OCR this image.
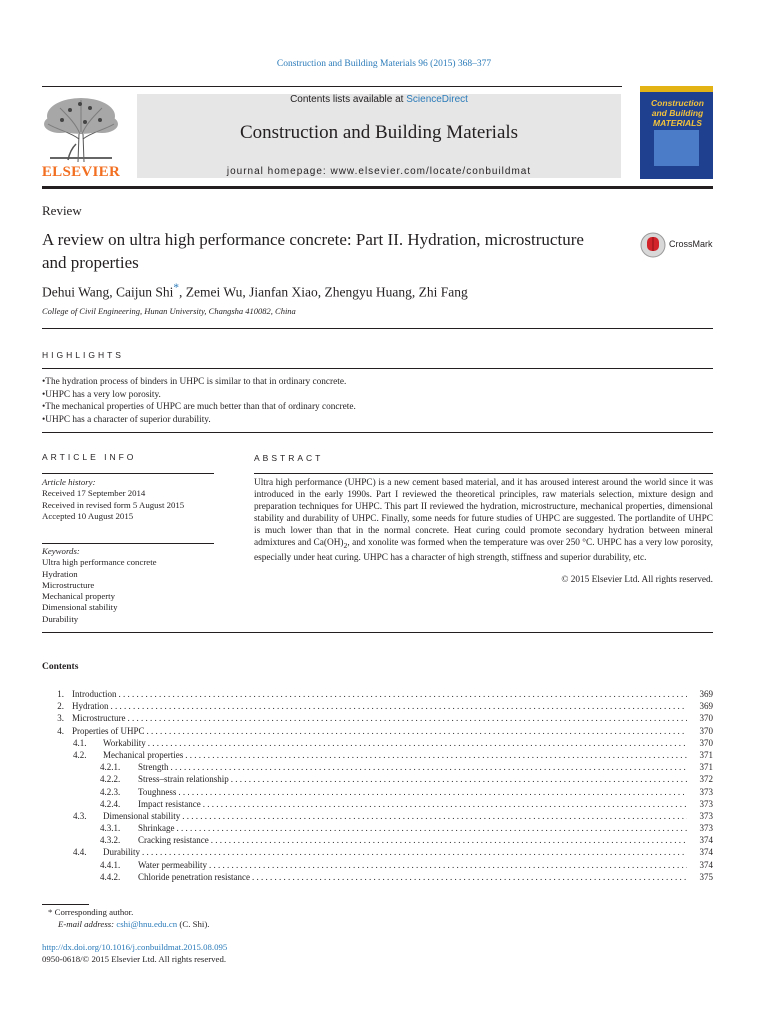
Construction and Building Materials 96 (2015) 368–377
ELSEVIER
Contents lists available at ScienceDirect
Construction and Building Materials
journal homepage: www.elsevier.com/locate/conbuildmat
Construction and Building MATERIALS
Review
A review on ultra high performance concrete: Part II. Hydration, microstructure and properties
CrossMark
Dehui Wang, Caijun Shi*, Zemei Wu, Jianfan Xiao, Zhengyu Huang, Zhi Fang
College of Civil Engineering, Hunan University, Changsha 410082, China
HIGHLIGHTS
• The hydration process of binders in UHPC is similar to that in ordinary concrete.
• UHPC has a very low porosity.
• The mechanical properties of UHPC are much better than that of ordinary concrete.
• UHPC has a character of superior durability.
ARTICLE INFO	ABSTRACT
Article history:
Received 17 September 2014
Received in revised form 5 August 2015
Accepted 10 August 2015
Keywords:
Ultra high performance concrete
Hydration
Microstructure
Mechanical property
Dimensional stability
Durability
Ultra high performance (UHPC) is a new cement based material, and it has aroused interest around the world since it was introduced in the early 1990s. Part I reviewed the theoretical principles, raw materials selection, mixture design and preparation techniques for UHPC. This part II reviewed the hydration, microstructure, mechanical properties, dimensional stability and durability of UHPC. Finally, some needs for future studies of UHPC are suggested. The portlandite of UHPC is much lower than that in the normal concrete. Heat curing could promote secondary hydration between mineral admixtures and $Ca(OH)_2$, and xonolite was formed when the temperature was over 250 °C. UHPC has a very low porosity, especially under heat curing. UHPC has a character of high strength, stiffness and superior durability, etc.
© 2015 Elsevier Ltd. All rights reserved.
Contents
1. Introduction . . .	369
2. Hydration . . .	369
3. Microstructure . . .	370
4. Properties of UHPC . . .	370
4.1.	Workability . . .	370
4.2.	Mechanical properties . . .	371
4.2.1.	Strength . . .	371
4.2.2.	Stress–strain relationship . . .	372
4.2.3.	Toughness . . .	373
4.2.4.	Impact resistance . . .	373
4.3.	Dimensional stability . . .	373
4.3.1.	Shrinkage . . .	373
4.3.2.	Cracking resistance . . .	374
4.4.	Durability . . .	374
4.4.1.	Water permeability . . .	374
4.4.2.	Chloride penetration resistance . . .	375
* Corresponding author.
E-mail address: cshi@hnu.edu.cn (C. Shi).
http://dx.doi.org/10.1016/j.conbuildmat.2015.08.095
0950-0618/© 2015 Elsevier Ltd. All rights reserved.
